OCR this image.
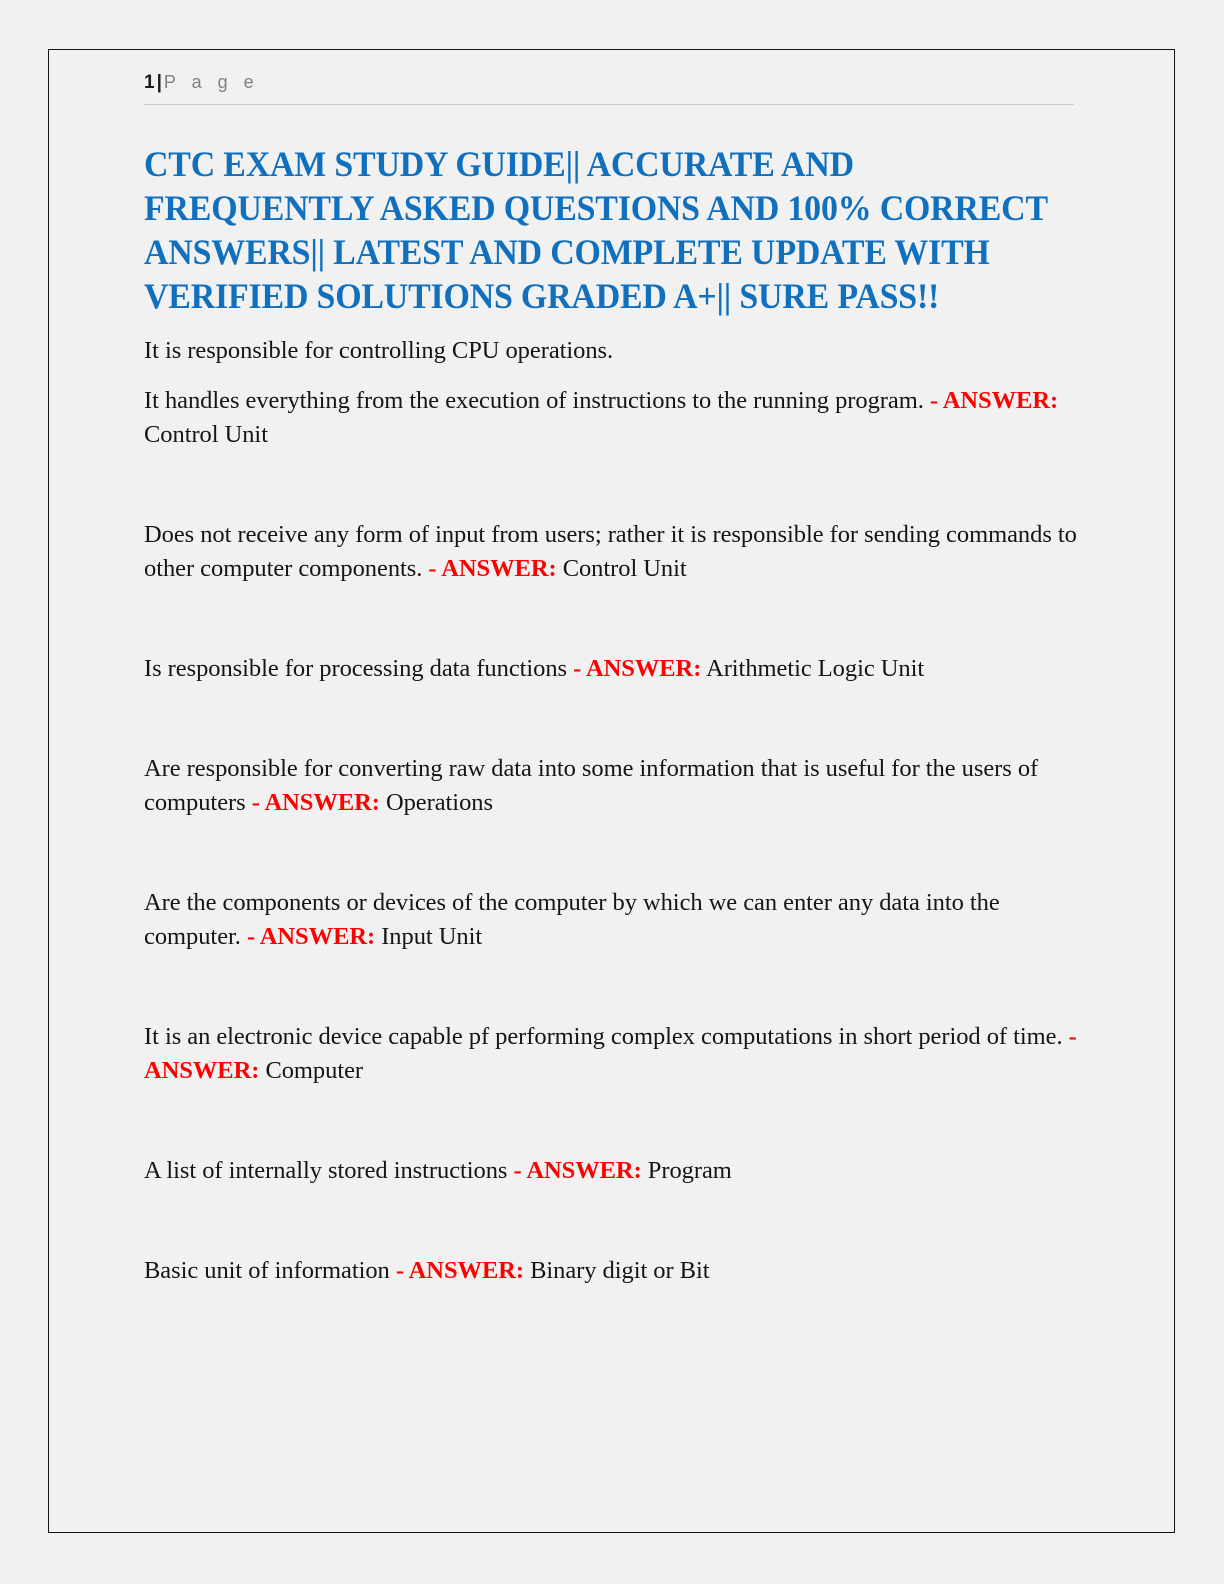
1 | P a g e
CTC EXAM STUDY GUIDE|| ACCURATE AND FREQUENTLY ASKED QUESTIONS AND 100% CORRECT ANSWERS|| LATEST AND COMPLETE UPDATE WITH VERIFIED SOLUTIONS GRADED A+|| SURE PASS!!

It is responsible for controlling CPU operations.

It handles everything from the execution of instructions to the running program. - ANSWER: Control Unit

Does not receive any form of input from users; rather it is responsible for sending commands to other computer components. - ANSWER: Control Unit

Is responsible for processing data functions - ANSWER: Arithmetic Logic Unit

Are responsible for converting raw data into some information that is useful for the users of computers - ANSWER: Operations

Are the components or devices of the computer by which we can enter any data into the computer. - ANSWER: Input Unit

It is an electronic device capable pf performing complex computations in short period of time. - ANSWER: Computer

A list of internally stored instructions - ANSWER: Program

Basic unit of information - ANSWER: Binary digit or Bit
